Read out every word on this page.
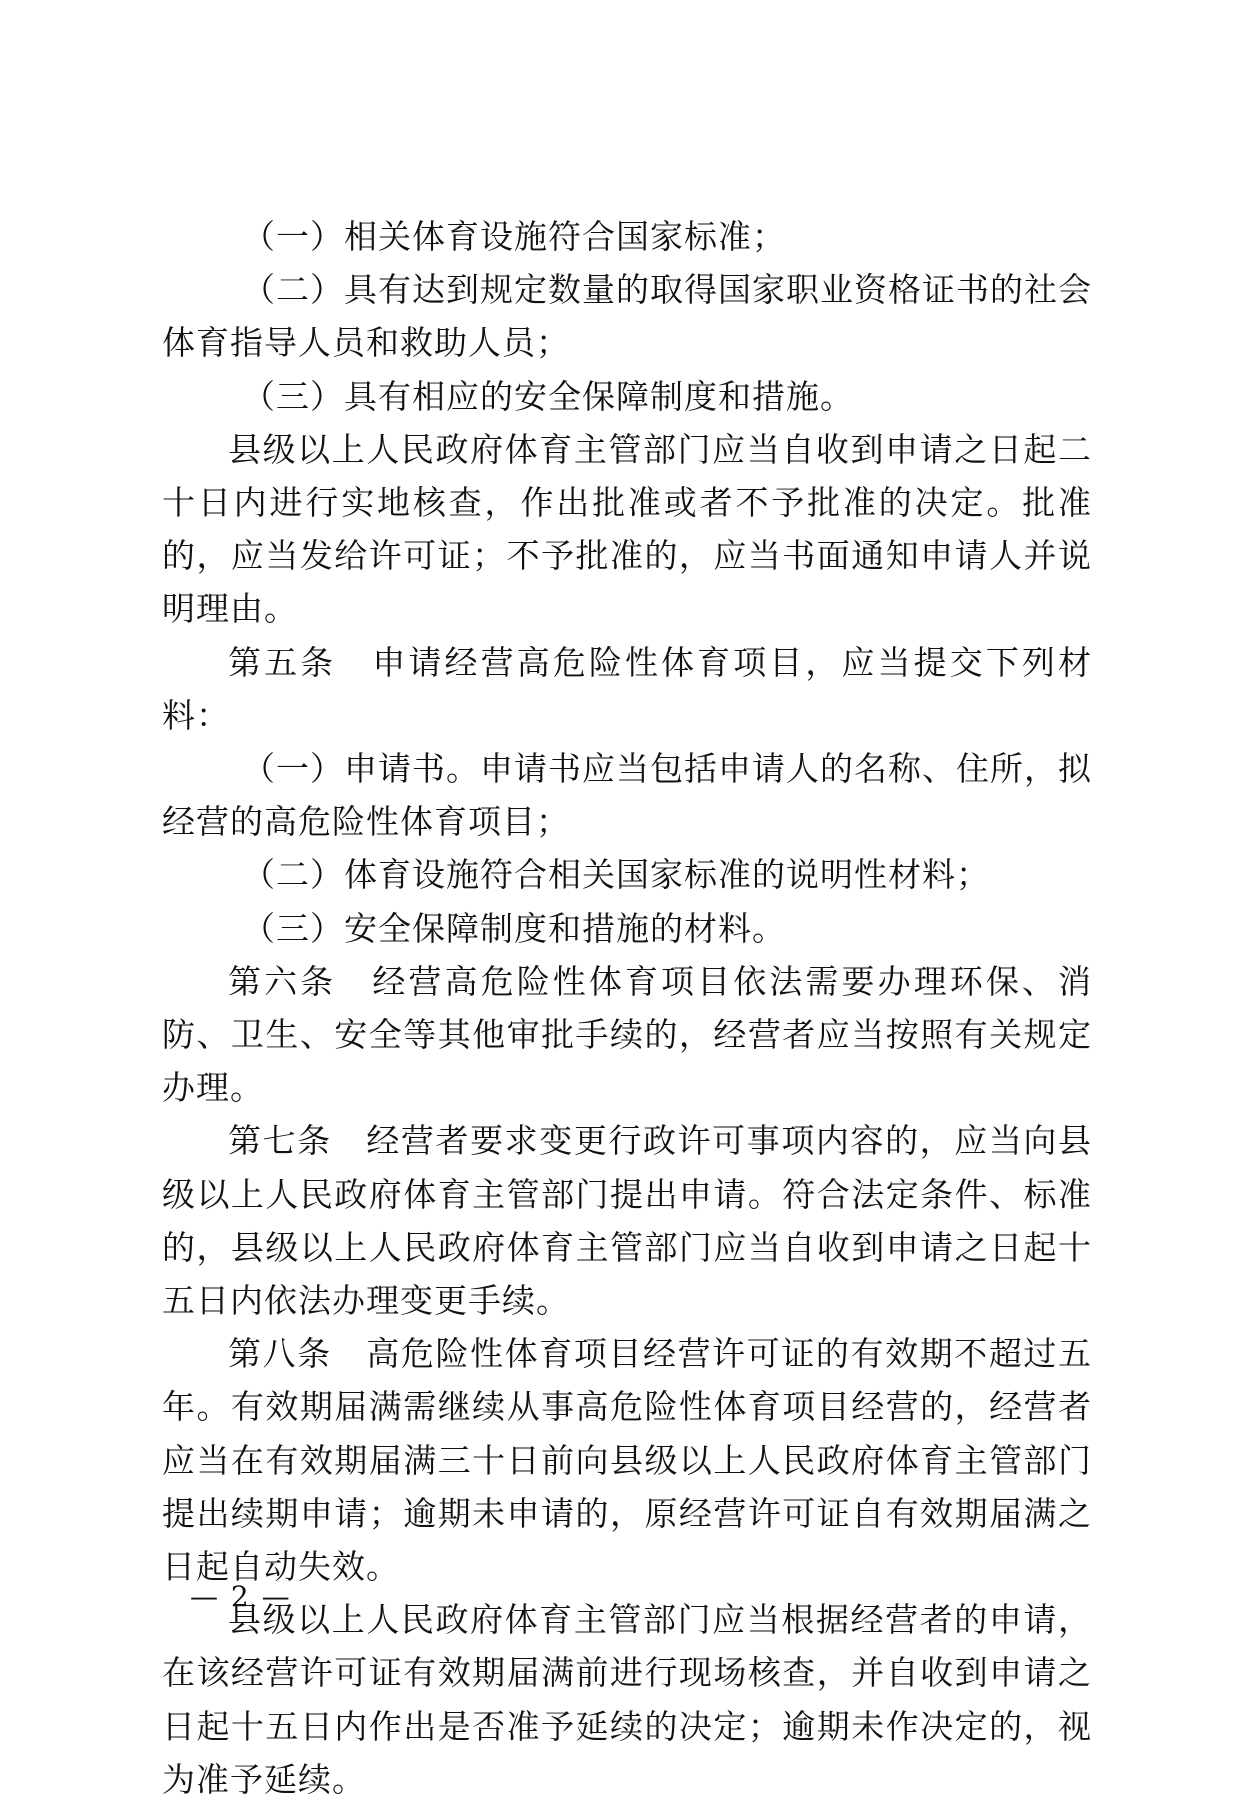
（一）相关体育设施符合国家标准；

（二）具有达到规定数量的取得国家职业资格证书的社会体育指导人员和救助人员；

（三）具有相应的安全保障制度和措施。

县级以上人民政府体育主管部门应当自收到申请之日起二十日内进行实地核查，作出批准或者不予批准的决定。批准的，应当发给许可证；不予批准的，应当书面通知申请人并说明理由。

第五条　申请经营高危险性体育项目，应当提交下列材料：

（一）申请书。申请书应当包括申请人的名称、住所，拟经营的高危险性体育项目；

（二）体育设施符合相关国家标准的说明性材料；

（三）安全保障制度和措施的材料。

第六条　经营高危险性体育项目依法需要办理环保、消防、卫生、安全等其他审批手续的，经营者应当按照有关规定办理。

第七条　经营者要求变更行政许可事项内容的，应当向县级以上人民政府体育主管部门提出申请。符合法定条件、标准的，县级以上人民政府体育主管部门应当自收到申请之日起十五日内依法办理变更手续。

第八条　高危险性体育项目经营许可证的有效期不超过五年。有效期届满需继续从事高危险性体育项目经营的，经营者应当在有效期届满三十日前向县级以上人民政府体育主管部门提出续期申请；逾期未申请的，原经营许可证自有效期届满之日起自动失效。

县级以上人民政府体育主管部门应当根据经营者的申请，在该经营许可证有效期届满前进行现场核查，并自收到申请之日起十五日内作出是否准予延续的决定；逾期未作决定的，视为准予延续。

— 2 —
